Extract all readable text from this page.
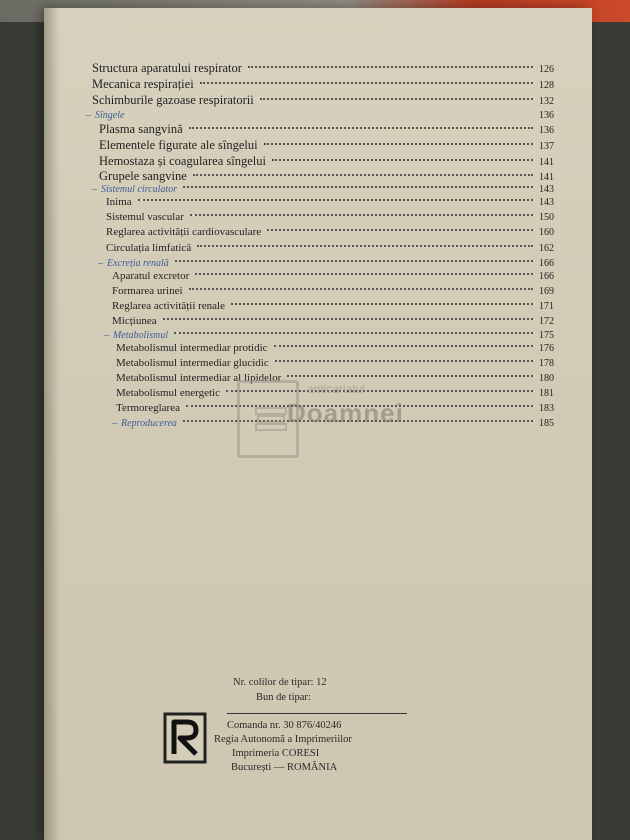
Structura aparatului respirator	126
Mecanica respirației	128
Schimburile gazoase respiratorii	132
– Sîngele	136
Plasma sangvină	136
Elementele figurate ale sîngelui	137
Hemostaza și coagularea sîngelui	141
Grupele sangvine	141
– Sistemul circulator	143
Inima	143
Sistemul vascular	150
Reglarea activității cardiovasculare	160
Circulația limfatică	162
– Excreția renală	166
Aparatul excretor	166
Formarea urinei	169
Reglarea activității renale	171
Micțiunea	172
– Metabolismul	175
Metabolismul intermediar protidic	176
Metabolismul intermediar glucidic	178
Metabolismul intermediar al lipidelor	180
Metabolismul energetic	181
Termoreglarea	183
– Reproducerea	185
anticariatul
Doamnei
Nr. colilor de tipar: 12
Bun de tipar:
Comanda nr. 30 876/40246
Regia Autonomă a Imprimeriilor
Imprimeria CORESI
București — ROMÂNIA
